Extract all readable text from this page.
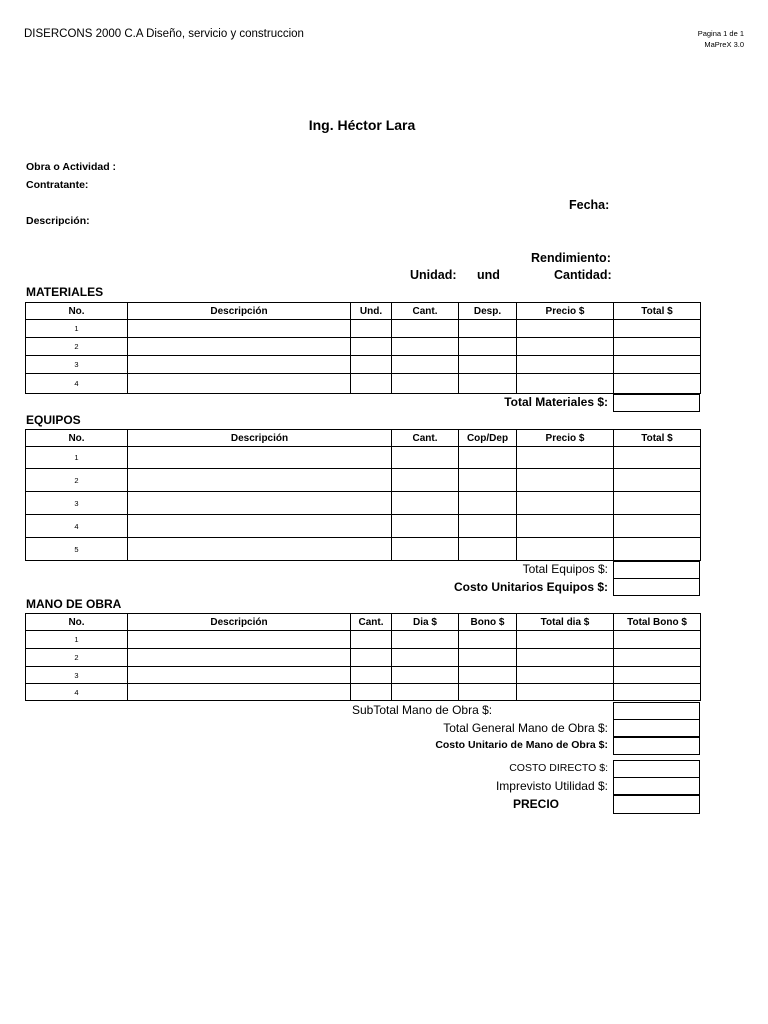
DISERCONS 2000 C.A Diseño, servicio y construccion	Pagina 1 de 1
MaPreX 3.0
Ing. Héctor Lara
Obra o Actividad :
Contratante:
Fecha:
Descripción:
Rendimiento:
Unidad: und	Cantidad:
MATERIALES
No.	Descripción	Und.	Cant.	Desp.	Precio $	Total $
1						
2						
3						
4						
Total Materiales $:
EQUIPOS
No.	Descripción	Cant.	Cop/Dep	Precio $	Total $
1					
2					
3					
4					
5					
Total Equipos $:
Costo Unitarios Equipos $:
MANO DE OBRA
No.	Descripción	Cant.	Dia $	Bono $	Total dia $	Total Bono $
1						
2						
3						
4						
SubTotal Mano de Obra $:
Total General Mano de Obra $:
Costo Unitario de Mano de Obra $:
COSTO DIRECTO $:
Imprevisto Utilidad $:
PRECIO
